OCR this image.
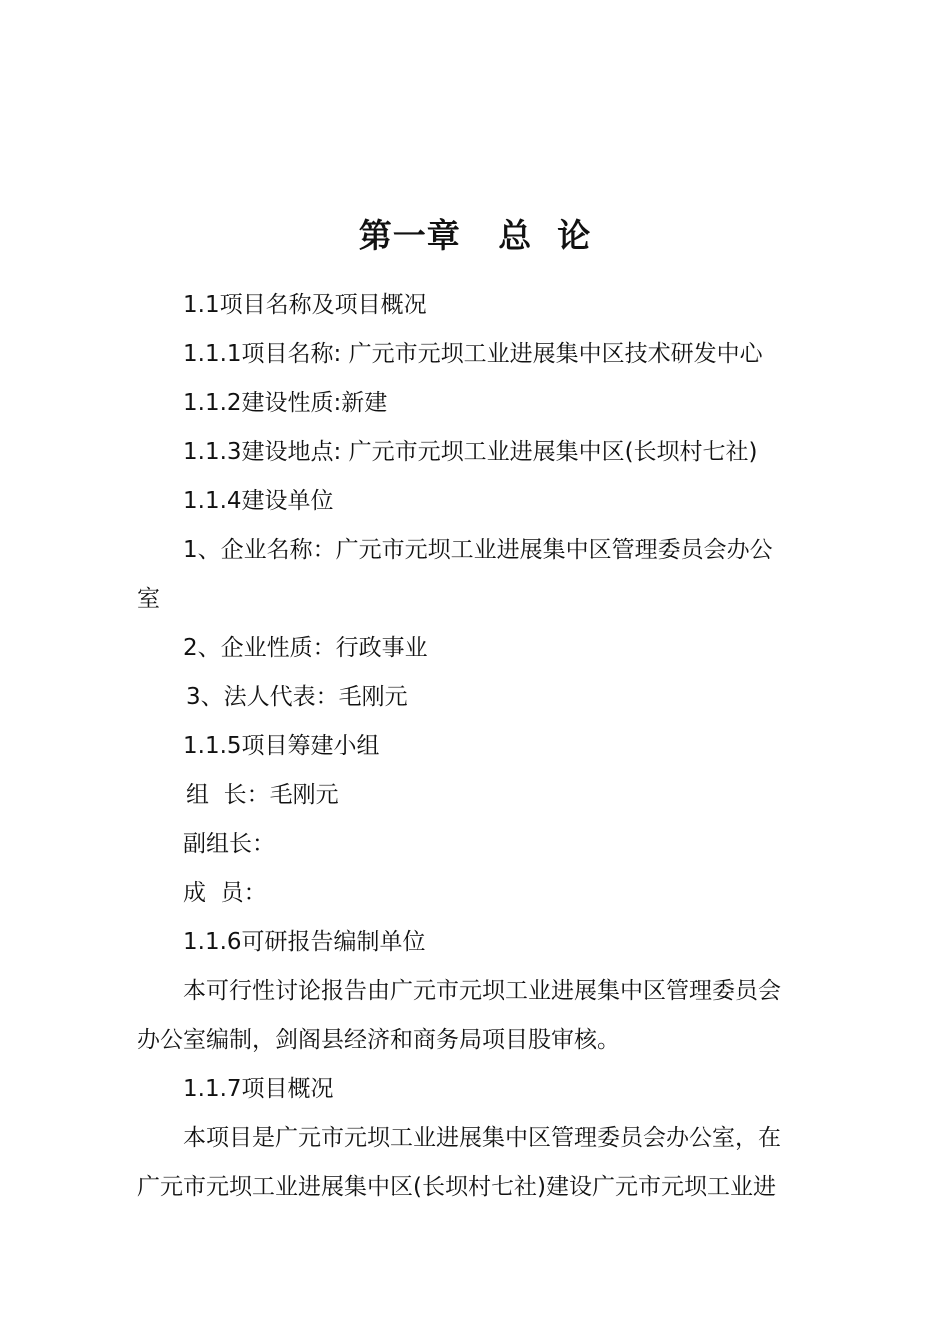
第一章   总  论
1.1项目名称及项目概况
1.1.1项目名称: 广元市元坝工业进展集中区技术研发中心
1.1.2建设性质:新建
1.1.3建设地点: 广元市元坝工业进展集中区(长坝村七社)
1.1.4建设单位
1、企业名称：广元市元坝工业进展集中区管理委员会办公
室
2、企业性质：行政事业
3、法人代表：毛刚元
1.1.5项目筹建小组
组  长：毛刚元
副组长：
成  员：
1.1.6可研报告编制单位
本可行性讨论报告由广元市元坝工业进展集中区管理委员会
办公室编制，剑阁县经济和商务局项目股审核。
1.1.7项目概况
本项目是广元市元坝工业进展集中区管理委员会办公室，在
广元市元坝工业进展集中区(长坝村七社)建设广元市元坝工业进
